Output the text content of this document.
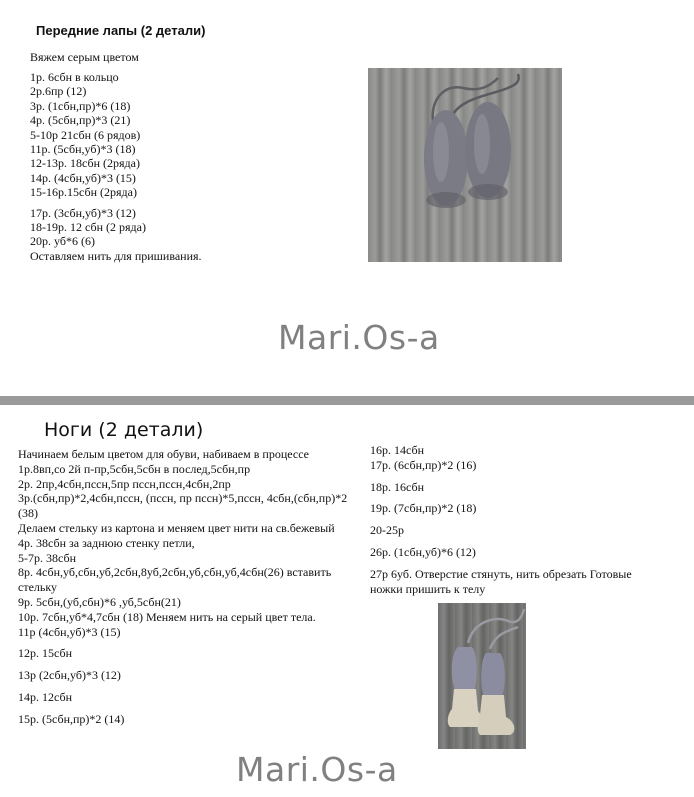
Передние лапы (2 детали)
Вяжем серым цветом
1р. 6сбн в кольцо
2р.6пр (12)
3р. (1сбн,пр)*6 (18)
4р. (5сбн,пр)*3 (21)
5-10р 21сбн (6 рядов)
11р. (5сбн,уб)*3 (18)
12-13р. 18сбн (2ряда)
14р. (4сбн,уб)*3 (15)
15-16р.15сбн (2ряда)
17р. (3сбн,уб)*3 (12)
18-19р. 12 сбн (2 ряда)
20р. уб*6 (6)
Оставляем нить для пришивания.
Mari.Os-a
Ноги (2 детали)

Начинаем белым цветом для обуви, набиваем в процессе

1р.8вп,со 2й п-пр,5сбн,5сбн в послед,5сбн,пр

2р. 2пр,4сбн,пссн,5пр пссн,пссн,4сбн,2пр

3р.(сбн,пр)*2,4сбн,пссн, (пссн, пр пссн)*5,пссн, 4сбн,(сбн,пр)*2 (38)

Делаем стельку из картона и меняем цвет нити на св.бежевый

4р. 38сбн за заднюю стенку петли,

5-7р. 38сбн

8р. 4сбн,уб,сбн,уб,2сбн,8уб,2сбн,уб,сбн,уб,4сбн(26) вставить стельку

9р. 5сбн,(уб,сбн)*6 ,уб,5сбн(21)

10р. 7сбн,уб*4,7сбн (18) Меняем нить на серый цвет тела.

11р (4сбн,уб)*3 (15)

12р. 15сбн

13р (2сбн,уб)*3 (12)

14р. 12сбн

15р. (5сбн,пр)*2 (14)

16р. 14сбн

17р. (6сбн,пр)*2 (16)

18р. 16сбн

19р. (7сбн,пр)*2 (18)

20-25р

26р. (1сбн,уб)*6 (12)

27р 6уб. Отверстие стянуть, нить обрезать Готовые ножки пришить к телу

Mari.Os-a
